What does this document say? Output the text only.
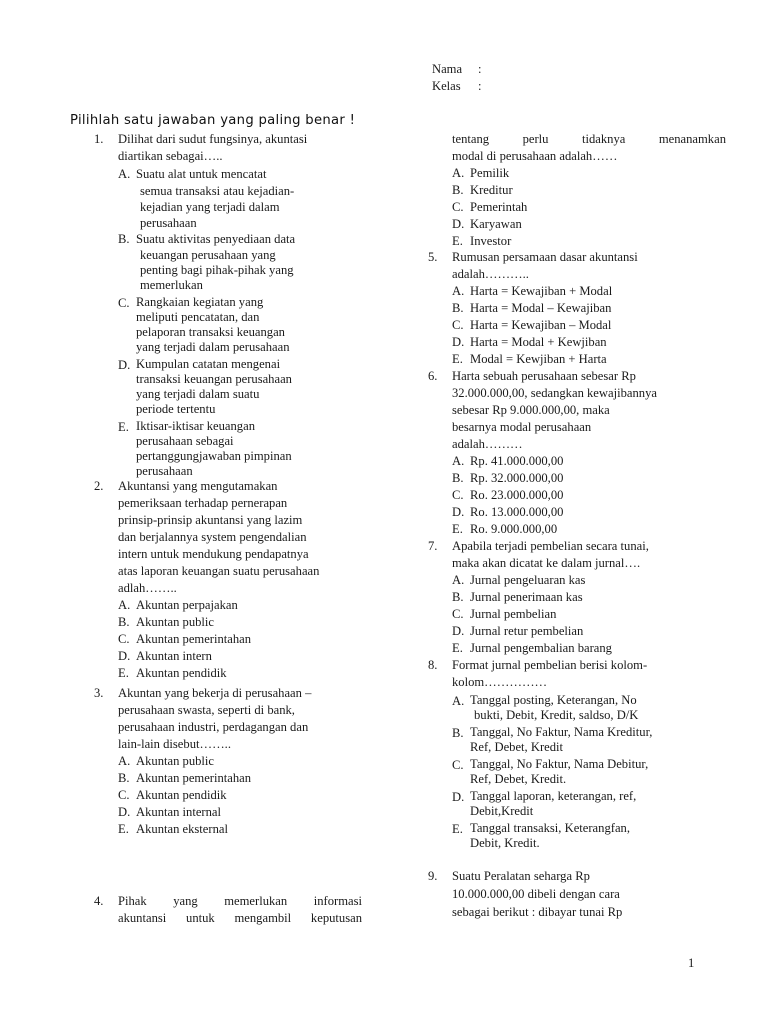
Nama :
Kelas :
Pilihlah satu jawaban yang paling benar !
1. Dilihat dari sudut fungsinya, akuntasi
diartikan sebagai…..
A. Suatu alat untuk mencatat
semua transaksi atau kejadian-
kejadian yang terjadi dalam
perusahaan
B. Suatu aktivitas penyediaan data
keuangan perusahaan yang
penting bagi pihak-pihak yang
memerlukan
C. Rangkaian kegiatan yang
meliputi pencatatan, dan
pelaporan transaksi keuangan
yang terjadi dalam perusahaan
D. Kumpulan catatan mengenai
transaksi keuangan perusahaan
yang terjadi dalam suatu
periode tertentu
E. Iktisar-iktisar keuangan
perusahaan sebagai
pertanggungjawaban pimpinan
perusahaan
2. Akuntansi yang mengutamakan
pemeriksaan terhadap pernerapan
prinsip-prinsip akuntansi yang lazim
dan berjalannya system pengendalian
intern untuk mendukung pendapatnya
atas laporan keuangan suatu perusahaan
adlah……..
A. Akuntan perpajakan
B. Akuntan public
C. Akuntan pemerintahan
D. Akuntan intern
E. Akuntan pendidik
3. Akuntan yang bekerja di perusahaan –
perusahaan swasta, seperti di bank,
perusahaan industri, perdagangan dan
lain-lain disebut……..
A. Akuntan public
B. Akuntan pemerintahan
C. Akuntan pendidik
D. Akuntan internal
E. Akuntan eksternal
4. Pihak yang memerlukan informasi
akuntansi untuk mengambil keputusan
tentang perlu tidaknya menanamkan
modal di perusahaan adalah……
A. Pemilik
B. Kreditur
C. Pemerintah
D. Karyawan
E. Investor
5. Rumusan persamaan dasar akuntansi
adalah………..
A. Harta = Kewajiban + Modal
B. Harta = Modal – Kewajiban
C. Harta = Kewajiban – Modal
D. Harta = Modal + Kewjiban
E. Modal = Kewjiban + Harta
6. Harta sebuah perusahaan sebesar Rp
32.000.000,00, sedangkan kewajibannya
sebesar Rp 9.000.000,00, maka
besarnya modal perusahaan
adalah………
A. Rp. 41.000.000,00
B. Rp. 32.000.000,00
C. Ro. 23.000.000,00
D. Ro. 13.000.000,00
E. Ro. 9.000.000,00
7. Apabila terjadi pembelian secara tunai,
maka akan dicatat ke dalam jurnal….
A. Jurnal pengeluaran kas
B. Jurnal penerimaan kas
C. Jurnal pembelian
D. Jurnal retur pembelian
E. Jurnal pengembalian barang
8. Format jurnal pembelian berisi kolom-
kolom……………
A. Tanggal posting, Keterangan, No
bukti, Debit, Kredit, saldso, D/K
B. Tanggal, No Faktur, Nama Kreditur,
Ref, Debet, Kredit
C. Tanggal, No Faktur, Nama Debitur,
Ref, Debet, Kredit.
D. Tanggal laporan, keterangan, ref,
Debit,Kredit
E. Tanggal transaksi, Keterangfan,
Debit, Kredit.
9. Suatu Peralatan seharga Rp
10.000.000,00 dibeli dengan cara
sebagai berikut : dibayar tunai Rp
1
